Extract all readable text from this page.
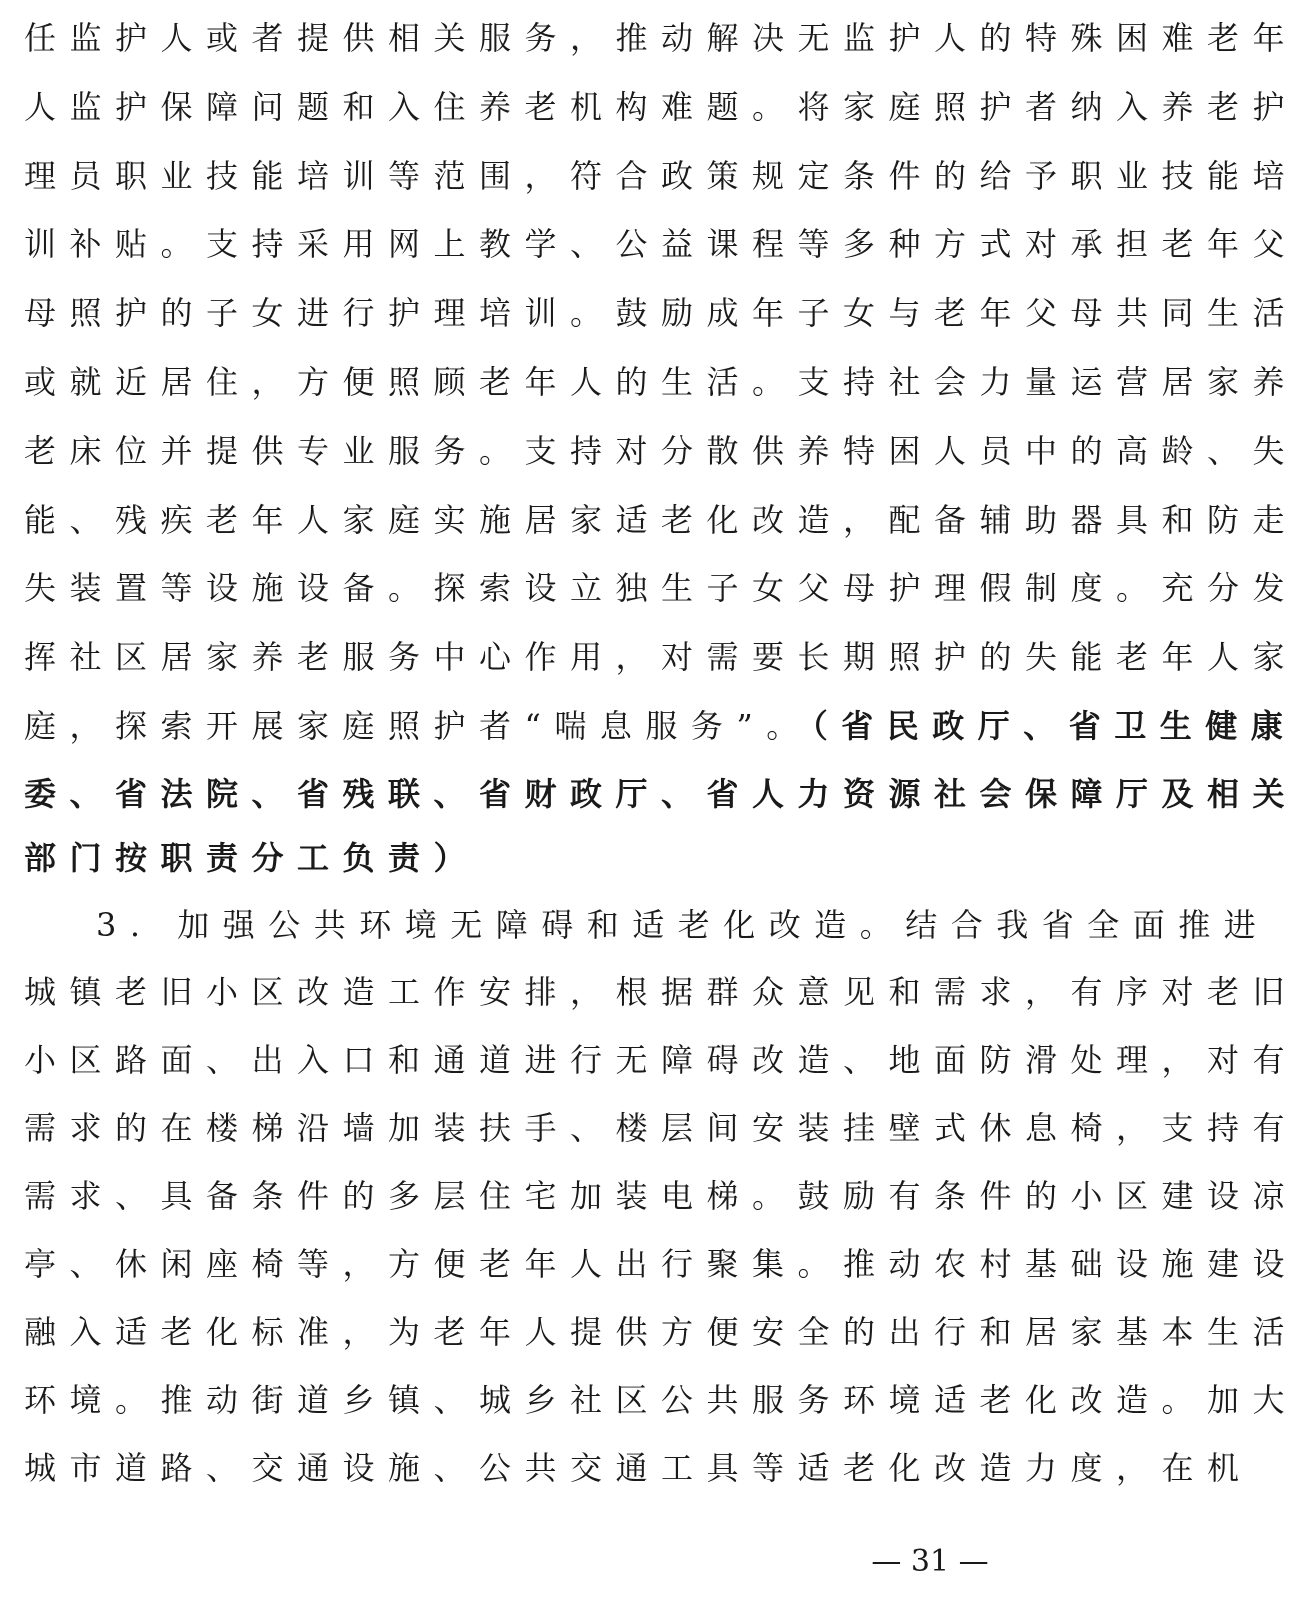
任监护人或者提供相关服务，推动解决无监护人的特殊困难老年
人监护保障问题和入住养老机构难题。将家庭照护者纳入养老护
理员职业技能培训等范围，符合政策规定条件的给予职业技能培
训补贴。支持采用网上教学、公益课程等多种方式对承担老年父
母照护的子女进行护理培训。鼓励成年子女与老年父母共同生活
或就近居住，方便照顾老年人的生活。支持社会力量运营居家养
老床位并提供专业服务。支持对分散供养特困人员中的高龄、失
能、残疾老年人家庭实施居家适老化改造，配备辅助器具和防走
失装置等设施设备。探索设立独生子女父母护理假制度。充分发
挥社区居家养老服务中心作用，对需要长期照护的失能老年人家
庭，探索开展家庭照护者“喘息服务”。（省民政厅、省卫生健康
委、省法院、省残联、省财政厅、省人力资源社会保障厅及相关
部门按职责分工负责）
3. 加强公共环境无障碍和适老化改造。结合我省全面推进
城镇老旧小区改造工作安排，根据群众意见和需求，有序对老旧
小区路面、出入口和通道进行无障碍改造、地面防滑处理，对有
需求的在楼梯沿墙加装扶手、楼层间安装挂壁式休息椅，支持有
需求、具备条件的多层住宅加装电梯。鼓励有条件的小区建设凉
亭、休闲座椅等，方便老年人出行聚集。推动农村基础设施建设
融入适老化标准，为老年人提供方便安全的出行和居家基本生活
环境。推动街道乡镇、城乡社区公共服务环境适老化改造。加大
城市道路、交通设施、公共交通工具等适老化改造力度，在机
— 31 —
